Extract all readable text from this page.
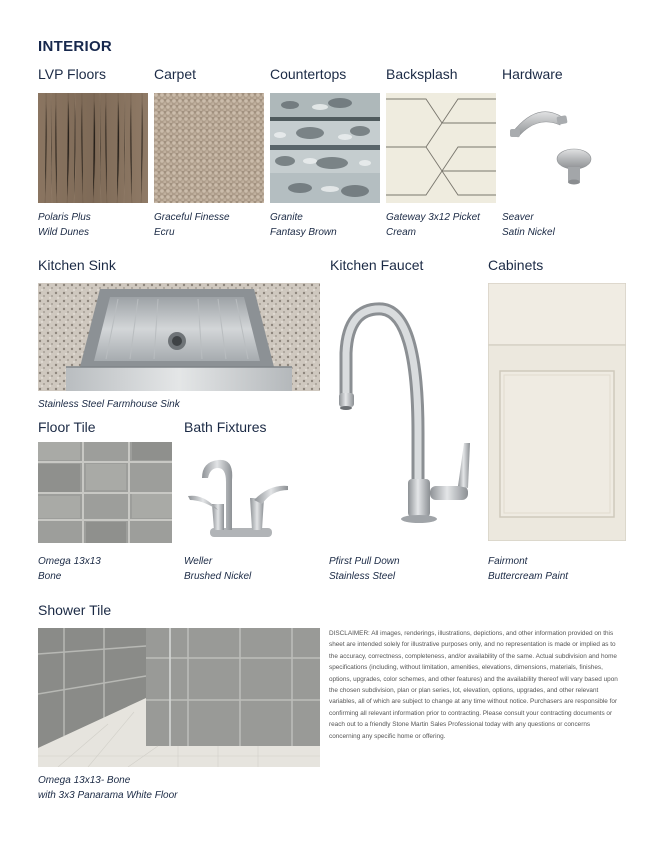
INTERIOR
LVP Floors	Carpet	Countertops	Backsplash	Hardware
Polaris Plus
Wild Dunes
Graceful Finesse
Ecru
Granite
Fantasy Brown
Gateway 3x12 Picket
Cream
Seaver
Satin Nickel
Kitchen Sink	Kitchen Faucet	Cabinets
Stainless Steel Farmhouse Sink
Floor Tile	Bath Fixtures
Omega 13x13
Bone
Weller
Brushed Nickel
Pfirst Pull Down
Stainless Steel
Fairmont
Buttercream Paint
Shower Tile
Omega 13x13- Bone
with 3x3 Panarama White Floor
DISCLAIMER: All images, renderings, illustrations, depictions, and other information provided on this sheet are intended solely for illustrative purposes only, and no representation is made or implied as to the accuracy, correctness, completeness, and/or availability of the same. Actual subdivision and home specifications (including, without limitation, amenities, elevations, dimensions, materials, finishes, options, upgrades, color schemes, and other features) and the availability thereof will vary based upon the chosen subdivision, plan or plan series, lot, elevation, options, upgrades, and other relevant variables, all of which are subject to change at any time without notice. Purchasers are responsible for confirming all relevant information prior to contracting. Please consult your contracting documents or reach out to a friendly Stone Martin Sales Professional today with any questions or concerns concerning any specific home or offering.
